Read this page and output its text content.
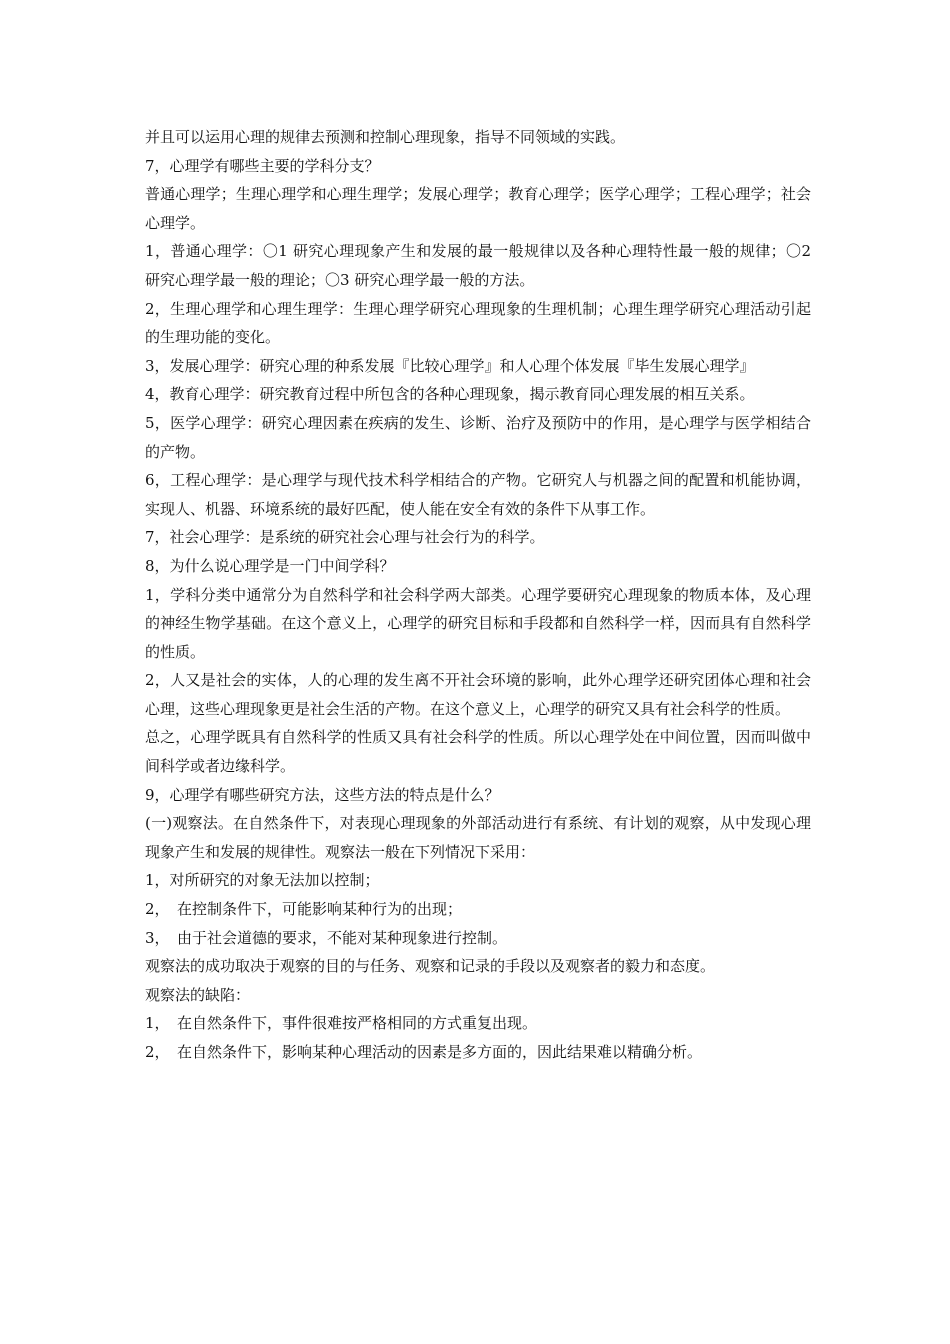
并且可以运用心理的规律去预测和控制心理现象，指导不同领域的实践。

7，心理学有哪些主要的学科分支？

普通心理学；生理心理学和心理生理学；发展心理学；教育心理学；医学心理学；工程心理学；社会心理学。

1，普通心理学：〇1 研究心理现象产生和发展的最一般规律以及各种心理特性最一般的规律；〇2 研究心理学最一般的理论；〇3 研究心理学最一般的方法。

2，生理心理学和心理生理学：生理心理学研究心理现象的生理机制；心理生理学研究心理活动引起的生理功能的变化。

3，发展心理学：研究心理的种系发展『比较心理学』和人心理个体发展『毕生发展心理学』

4，教育心理学：研究教育过程中所包含的各种心理现象，揭示教育同心理发展的相互关系。

5，医学心理学：研究心理因素在疾病的发生、诊断、治疗及预防中的作用，是心理学与医学相结合的产物。

6，工程心理学：是心理学与现代技术科学相结合的产物。它研究人与机器之间的配置和机能协调，实现人、机器、环境系统的最好匹配，使人能在安全有效的条件下从事工作。

7，社会心理学：是系统的研究社会心理与社会行为的科学。

8，为什么说心理学是一门中间学科？

1，学科分类中通常分为自然科学和社会科学两大部类。心理学要研究心理现象的物质本体，及心理的神经生物学基础。在这个意义上，心理学的研究目标和手段都和自然科学一样，因而具有自然科学的性质。

2，人又是社会的实体，人的心理的发生离不开社会环境的影响，此外心理学还研究团体心理和社会心理，这些心理现象更是社会生活的产物。在这个意义上，心理学的研究又具有社会科学的性质。

总之，心理学既具有自然科学的性质又具有社会科学的性质。所以心理学处在中间位置，因而叫做中间科学或者边缘科学。

9，心理学有哪些研究方法，这些方法的特点是什么？

(一)观察法。在自然条件下，对表现心理现象的外部活动进行有系统、有计划的观察，从中发现心理现象产生和发展的规律性。观察法一般在下列情况下采用：

1，对所研究的对象无法加以控制；

2，　在控制条件下，可能影响某种行为的出现；

3，　由于社会道德的要求，不能对某种现象进行控制。

观察法的成功取决于观察的目的与任务、观察和记录的手段以及观察者的毅力和态度。

观察法的缺陷：

1，　在自然条件下，事件很难按严格相同的方式重复出现。

2，　在自然条件下，影响某种心理活动的因素是多方面的，因此结果难以精确分析。
